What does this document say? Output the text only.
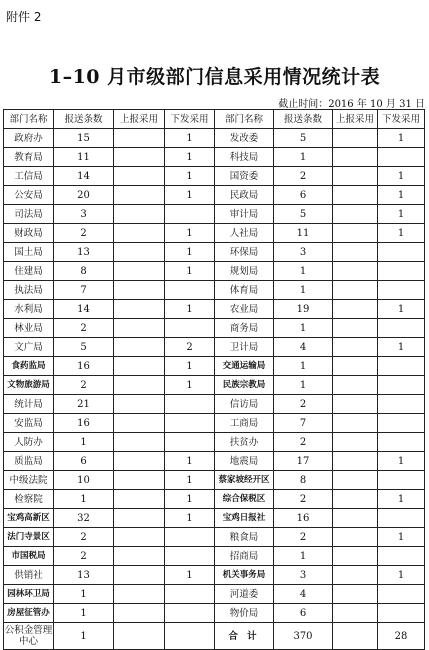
附件 2
1–10 月市级部门信息采用情况统计表
截止时间：2016 年 10 月 31 日
部门名称	报送条数	上报采用	下发采用	部门名称	报送条数	上报采用	下发采用
政府办	15		1	发改委	5		1
教育局	11		1	科技局	1		
工信局	14		1	国资委	2		1
公安局	20		1	民政局	6		1
司法局	3			审计局	5		1
财政局	2		1	人社局	11		1
国土局	13		1	环保局	3		
住建局	8		1	规划局	1		
执法局	7			体育局	1		
水利局	14		1	农业局	19		1
林业局	2			商务局	1		
文广局	5		2	卫计局	4		1
食药监局	16		1	交通运输局	1		
文物旅游局	2		1	民族宗教局	1		
统计局	21			信访局	2		
安监局	16			工商局	7		
人防办	1			扶贫办	2		
质监局	6		1	地震局	17		1
中级法院	10		1	蔡家坡经开区	8		
检察院	1		1	综合保税区	2		1
宝鸡高新区	32		1	宝鸡日报社	16		
法门寺景区	2			粮食局	2		1
市国税局	2			招商局	1		
供销社	13		1	机关事务局	3		1
园林环卫局	1			河道委	4		
房屋征管办	1			物价局	6		
公积金管理中心	1			合 计	370		28
